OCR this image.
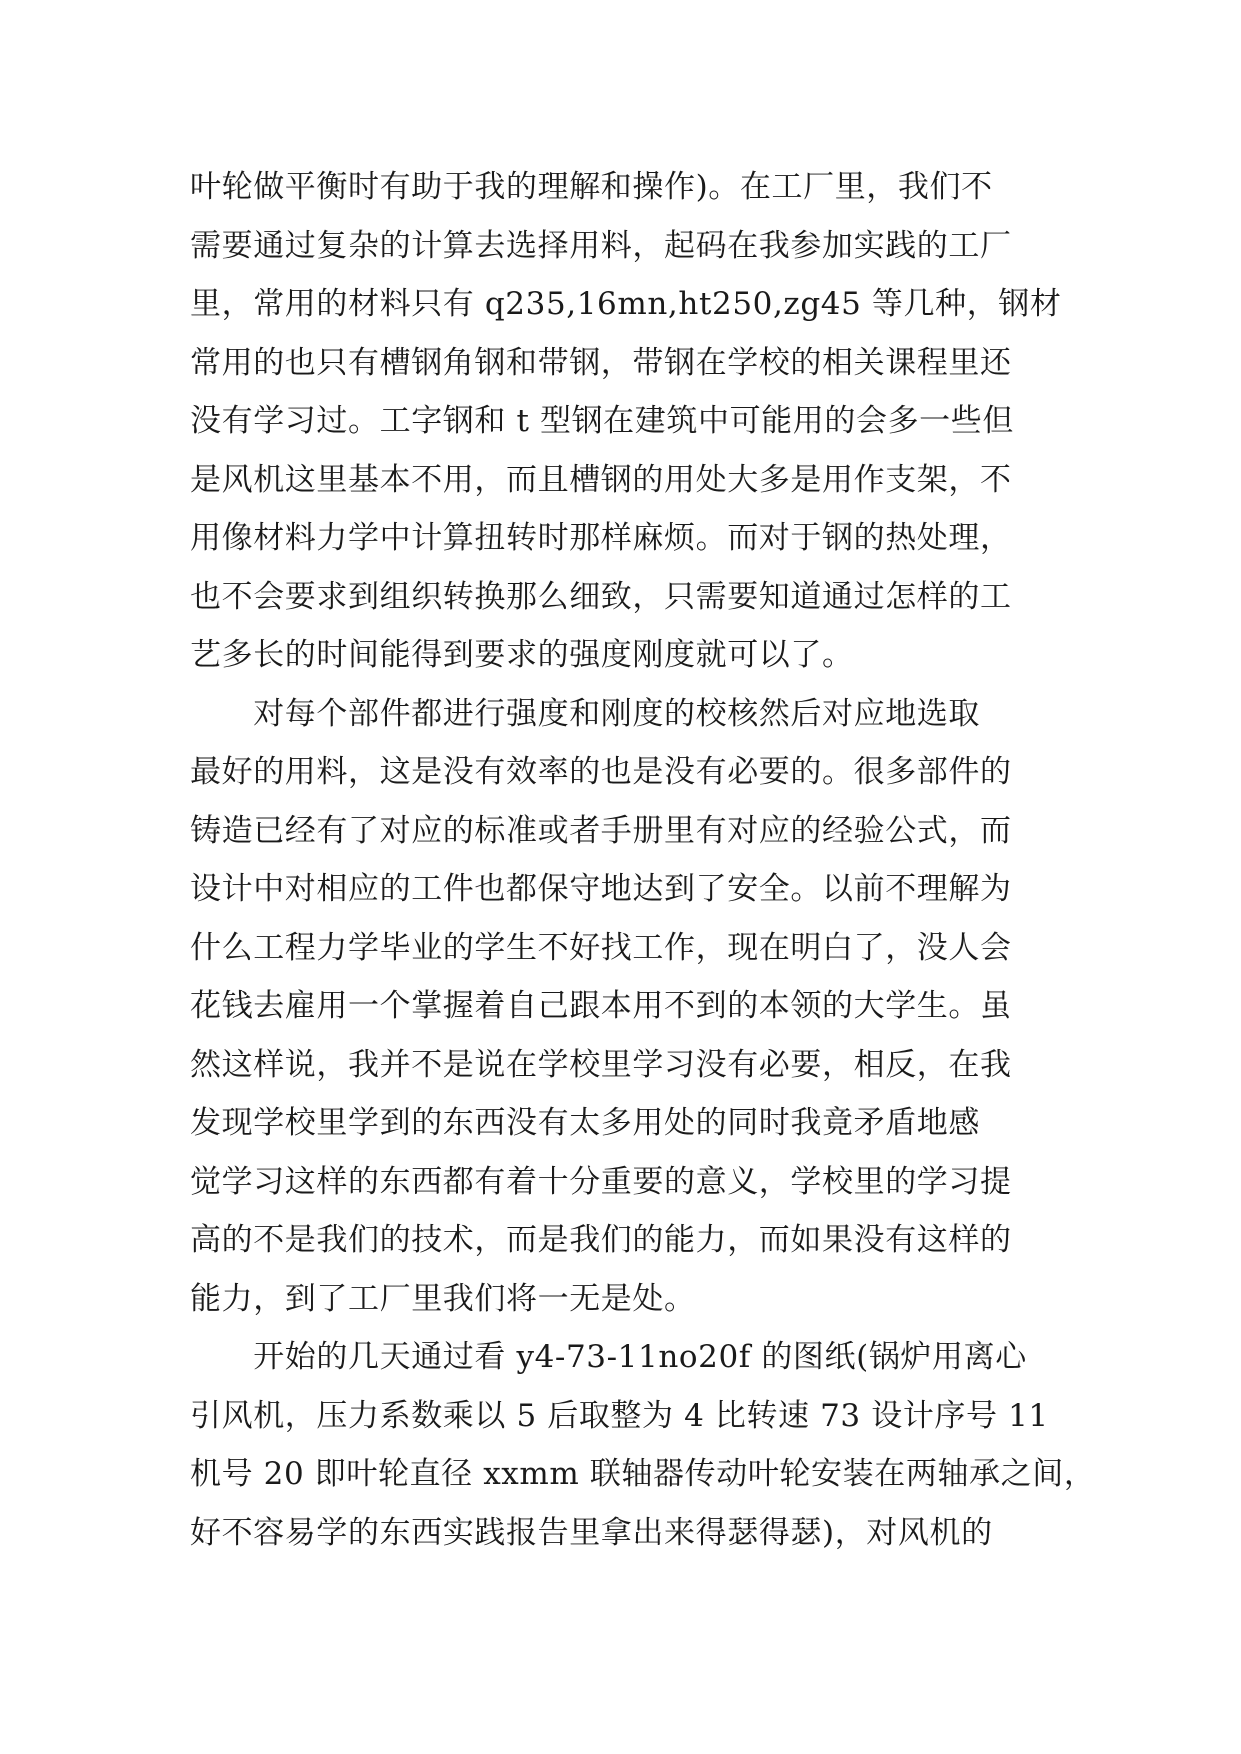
叶轮做平衡时有助于我的理解和操作)。在工厂里，我们不
需要通过复杂的计算去选择用料，起码在我参加实践的工厂
里，常用的材料只有 q235,16mn,ht250,zg45 等几种，钢材
常用的也只有槽钢角钢和带钢，带钢在学校的相关课程里还
没有学习过。工字钢和 t 型钢在建筑中可能用的会多一些但
是风机这里基本不用，而且槽钢的用处大多是用作支架，不
用像材料力学中计算扭转时那样麻烦。而对于钢的热处理，
也不会要求到组织转换那么细致，只需要知道通过怎样的工
艺多长的时间能得到要求的强度刚度就可以了。
　　对每个部件都进行强度和刚度的校核然后对应地选取
最好的用料，这是没有效率的也是没有必要的。很多部件的
铸造已经有了对应的标准或者手册里有对应的经验公式，而
设计中对相应的工件也都保守地达到了安全。以前不理解为
什么工程力学毕业的学生不好找工作，现在明白了，没人会
花钱去雇用一个掌握着自己跟本用不到的本领的大学生。虽
然这样说，我并不是说在学校里学习没有必要，相反，在我
发现学校里学到的东西没有太多用处的同时我竟矛盾地感
觉学习这样的东西都有着十分重要的意义，学校里的学习提
高的不是我们的技术，而是我们的能力，而如果没有这样的
能力，到了工厂里我们将一无是处。
　　开始的几天通过看 y4-73-11no20f 的图纸(锅炉用离心
引风机，压力系数乘以 5 后取整为 4 比转速 73 设计序号 11
机号 20 即叶轮直径 xxmm 联轴器传动叶轮安装在两轴承之间，
好不容易学的东西实践报告里拿出来得瑟得瑟)，对风机的
